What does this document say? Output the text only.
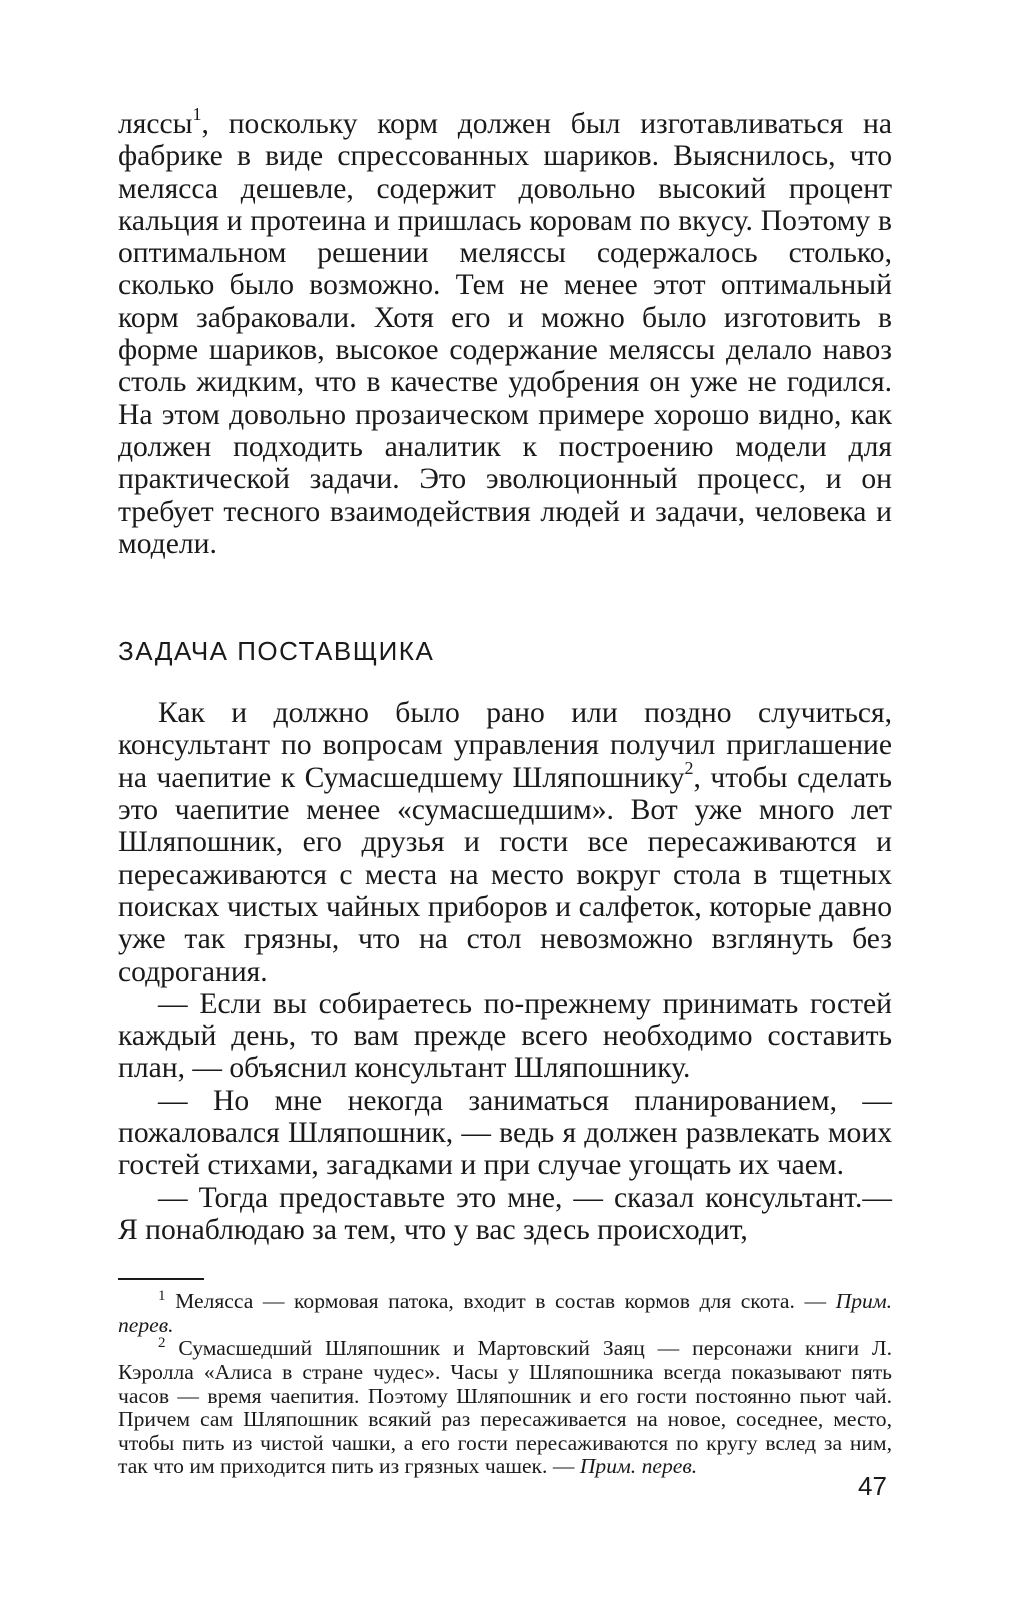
ляссы$^1$, поскольку корм должен был изготавливаться на фабрике в виде спрессованных шариков. Выяснилось, что мелясса дешевле, содержит довольно высокий процент кальция и протеина и пришлась коровам по вкусу. Поэтому в оптимальном решении меляссы содержалось столько, сколько было возможно. Тем не менее этот оптимальный корм забраковали. Хотя его и можно было изготовить в форме шариков, высокое содержание меляссы делало навоз столь жидким, что в качестве удобрения он уже не годился. На этом довольно прозаическом примере хорошо видно, как должен подходить аналитик к построению модели для практической задачи. Это эволюционный процесс, и он требует тесного взаимодействия людей и задачи, человека и модели.

ЗАДАЧА ПОСТАВЩИКА

Как и должно было рано или поздно случиться, консультант по вопросам управления получил приглашение на чаепитие к Сумасшедшему Шляпошнику$^2$, чтобы сделать это чаепитие менее «сумасшедшим». Вот уже много лет Шляпошник, его друзья и гости все пересаживаются и пересаживаются с места на место вокруг стола в тщетных поисках чистых чайных приборов и салфеток, которые давно уже так грязны, что на стол невозможно взглянуть без содрогания.

— Если вы собираетесь по-прежнему принимать гостей каждый день, то вам прежде всего необходимо составить план, — объяснил консультант Шляпошнику.

— Но мне некогда заниматься планированием, — пожаловался Шляпошник, — ведь я должен развлекать моих гостей стихами, загадками и при случае угощать их чаем.

— Тогда предоставьте это мне, — сказал консультант.— Я понаблюдаю за тем, что у вас здесь происходит,

$^1$ Мелясса — кормовая патока, входит в состав кормов для скота. — Прим. перев.

$^2$ Сумасшедший Шляпошник и Мартовский Заяц — персонажи книги Л. Кэролла «Алиса в стране чудес». Часы у Шляпошника всегда показывают пять часов — время чаепития. Поэтому Шляпошник и его гости постоянно пьют чай. Причем сам Шляпошник всякий раз пересаживается на новое, соседнее, место, чтобы пить из чистой чашки, а его гости пересаживаются по кругу вслед за ним, так что им приходится пить из грязных чашек. — Прим. перев.

47
